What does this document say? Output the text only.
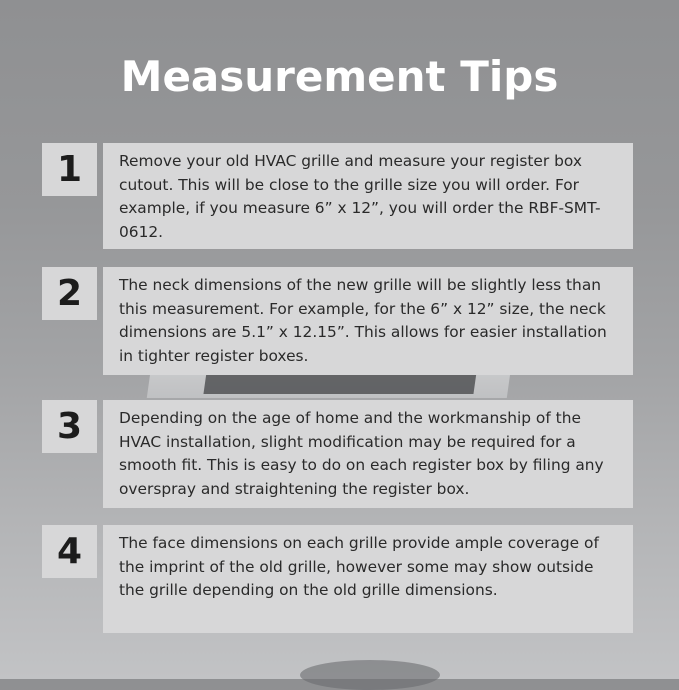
Measurement Tips
1	Remove your old HVAC grille and measure your register box cutout. This will be close to the grille size you will order. For example, if you measure 6” x 12”, you will order the RBF-SMT-0612.
2	The neck dimensions of the new grille will be slightly less than this measurement. For example, for the 6” x 12” size, the neck dimensions are 5.1” x 12.15”. This allows for easier installation in tighter register boxes.
3	Depending on the age of home and the workmanship of the HVAC installation, slight modification may be required for a smooth fit. This is easy to do on each register box by filing any overspray and straightening the register box.
4	The face dimensions on each grille provide ample coverage of the imprint of the old grille, however some may show outside the grille depending on the old grille dimensions.
